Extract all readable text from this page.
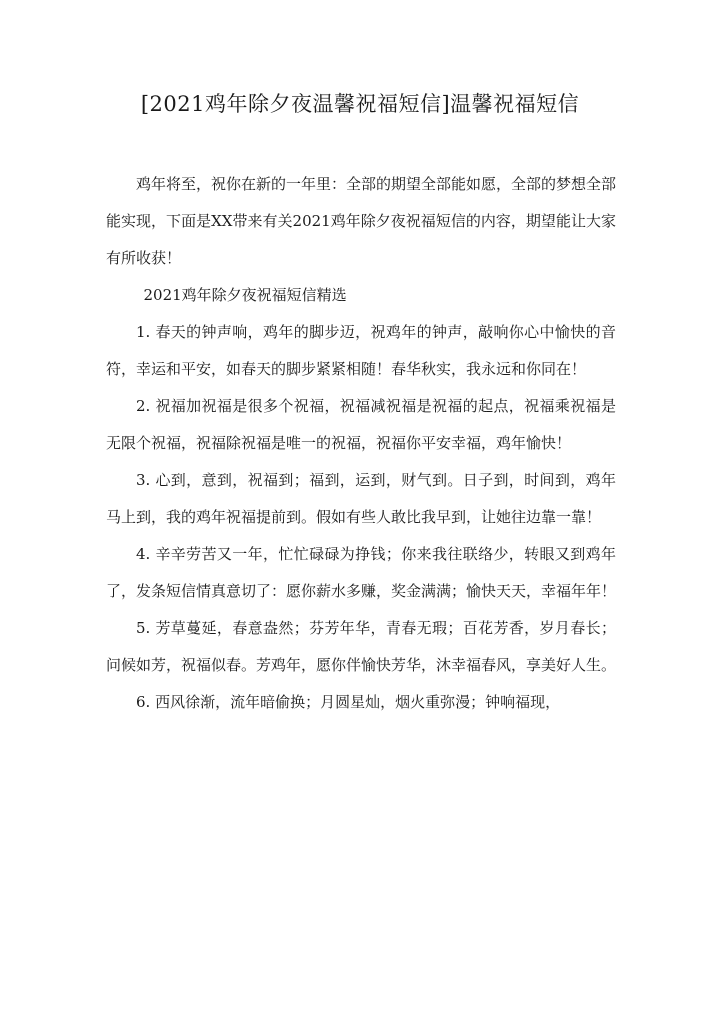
[2021鸡年除夕夜温馨祝福短信]温馨祝福短信

鸡年将至，祝你在新的一年里：全部的期望全部能如愿，全部的梦想全部能实现，下面是XX带来有关2021鸡年除夕夜祝福短信的内容，期望能让大家有所收获！

2021鸡年除夕夜祝福短信精选

1. 春天的钟声响，鸡年的脚步迈，祝鸡年的钟声，敲响你心中愉快的音符，幸运和平安，如春天的脚步紧紧相随！春华秋实，我永远和你同在！

2. 祝福加祝福是很多个祝福，祝福减祝福是祝福的起点，祝福乘祝福是无限个祝福，祝福除祝福是唯一的祝福，祝福你平安幸福，鸡年愉快！

3. 心到，意到，祝福到；福到，运到，财气到。日子到，时间到，鸡年马上到，我的鸡年祝福提前到。假如有些人敢比我早到，让她往边靠一靠！

4. 辛辛劳苦又一年，忙忙碌碌为挣钱；你来我往联络少，转眼又到鸡年了，发条短信情真意切了：愿你薪水多赚，奖金满满；愉快天天，幸福年年！

5. 芳草蔓延，春意盎然；芬芳年华，青春无瑕；百花芳香，岁月春长；问候如芳，祝福似春。芳鸡年，愿你伴愉快芳华，沐幸福春风，享美好人生。

6. 西风徐渐，流年暗偷换；月圆星灿，烟火重弥漫；钟响福现，
